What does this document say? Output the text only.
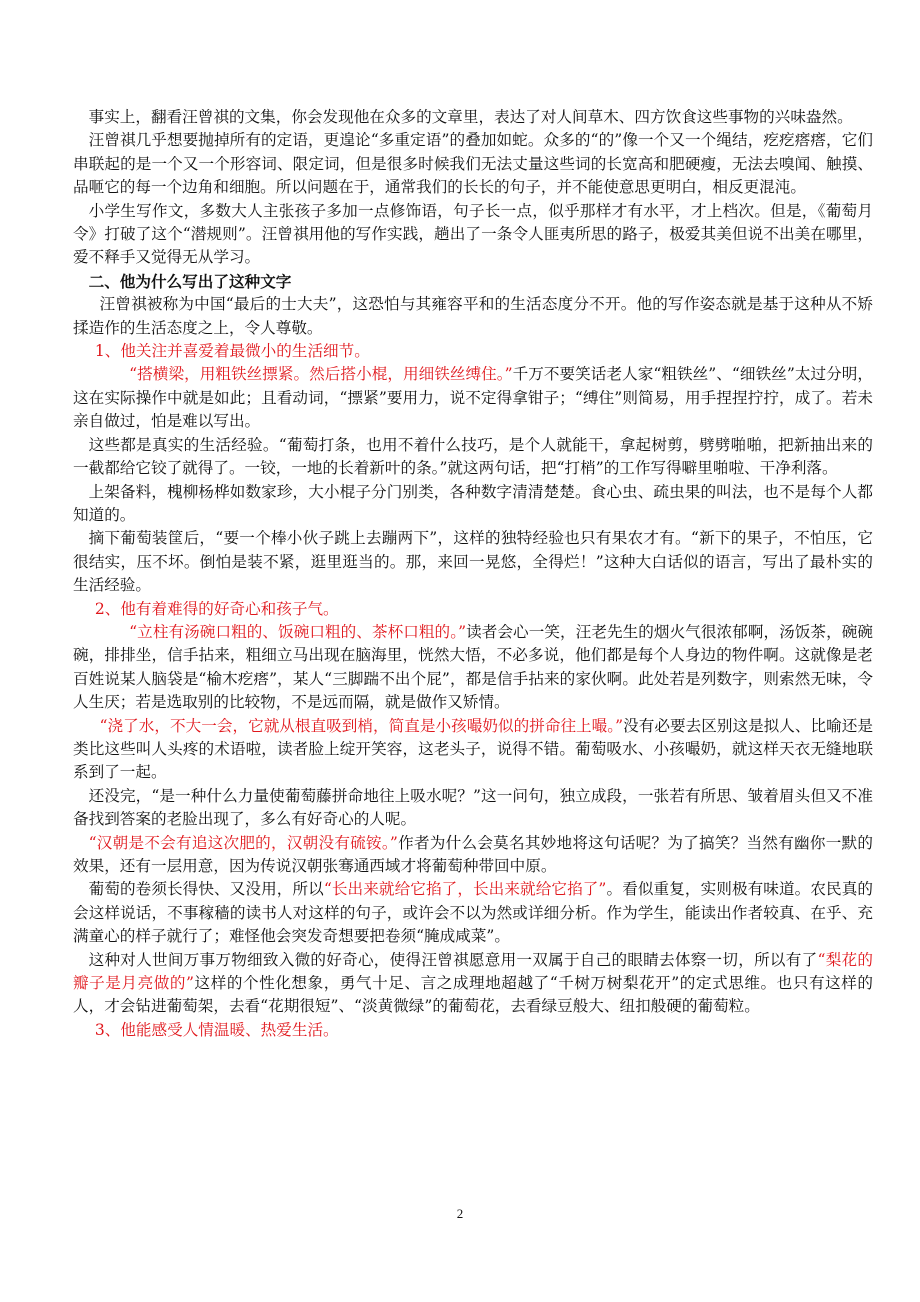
事实上，翻看汪曾祺的文集，你会发现他在众多的文章里，表达了对人间草木、四方饮食这些事物的兴味盎然。

汪曾祺几乎想要抛掉所有的定语，更遑论“多重定语”的叠加如蛇。众多的“的”像一个又一个绳结，疙疙瘩瘩，它们串联起的是一个又一个形容词、限定词，但是很多时候我们无法丈量这些词的长宽高和肥硬瘦，无法去嗅闻、触摸、品咂它的每一个边角和细胞。所以问题在于，通常我们的长长的句子，并不能使意思更明白，相反更混沌。

小学生写作文，多数大人主张孩子多加一点修饰语，句子长一点，似乎那样才有水平，才上档次。但是，《葡萄月令》打破了这个“潜规则”。汪曾祺用他的写作实践，趟出了一条令人匪夷所思的路子，极爱其美但说不出美在哪里，爱不释手又觉得无从学习。

二、他为什么写出了这种文字

汪曾祺被称为中国“最后的士大夫”，这恐怕与其雍容平和的生活态度分不开。他的写作姿态就是基于这种从不矫揉造作的生活态度之上，令人尊敬。

1、他关注并喜爱着最微小的生活细节。

“搭横梁，用粗铁丝摽紧。然后搭小棍，用细铁丝缚住。”千万不要笑话老人家“粗铁丝”、“细铁丝”太过分明，这在实际操作中就是如此；且看动词，“摽紧”要用力，说不定得拿钳子；“缚住”则简易，用手捏捏拧拧，成了。若未亲自做过，怕是难以写出。

这些都是真实的生活经验。“葡萄打条，也用不着什么技巧，是个人就能干，拿起树剪，劈劈啪啪，把新抽出来的一截都给它铰了就得了。一铰，一地的长着新叶的条。”就这两句话，把“打梢”的工作写得噼里啪啦、干净利落。

上架备料，槐柳杨桦如数家珍，大小棍子分门别类，各种数字清清楚楚。食心虫、疏虫果的叫法，也不是每个人都知道的。

摘下葡萄装筐后，“要一个棒小伙子跳上去蹦两下”，这样的独特经验也只有果农才有。“新下的果子，不怕压，它很结实，压不坏。倒怕是装不紧，逛里逛当的。那，来回一晃悠，全得烂！”这种大白话似的语言，写出了最朴实的生活经验。

2、他有着难得的好奇心和孩子气。

“立柱有汤碗口粗的、饭碗口粗的、茶杯口粗的。”读者会心一笑，汪老先生的烟火气很浓郁啊，汤饭茶，碗碗碗，排排坐，信手拈来，粗细立马出现在脑海里，恍然大悟，不必多说，他们都是每个人身边的物件啊。这就像是老百姓说某人脑袋是“榆木疙瘩”，某人“三脚踹不出个屁”，都是信手拈来的家伙啊。此处若是列数字，则索然无味，令人生厌；若是选取别的比较物，不是远而隔，就是做作又矫情。

“浇了水，不大一会，它就从根直吸到梢，简直是小孩嘬奶似的拼命往上嘬。”没有必要去区别这是拟人、比喻还是类比这些叫人头疼的术语啦，读者脸上绽开笑容，这老头子，说得不错。葡萄吸水、小孩嘬奶，就这样天衣无缝地联系到了一起。

还没完，“是一种什么力量使葡萄藤拼命地往上吸水呢？”这一问句，独立成段，一张若有所思、皱着眉头但又不准备找到答案的老脸出现了，多么有好奇心的人呢。

“汉朝是不会有追这次肥的，汉朝没有硫铵。”作者为什么会莫名其妙地将这句话呢？为了搞笑？当然有幽你一默的效果，还有一层用意，因为传说汉朝张骞通西域才将葡萄种带回中原。

葡萄的卷须长得快、又没用，所以“长出来就给它掐了，长出来就给它掐了”。看似重复，实则极有味道。农民真的会这样说话，不事稼穑的读书人对这样的句子，或许会不以为然或详细分析。作为学生，能读出作者较真、在乎、充满童心的样子就行了；难怪他会突发奇想要把卷须“腌成咸菜”。

这种对人世间万事万物细致入微的好奇心，使得汪曾祺愿意用一双属于自己的眼睛去体察一切，所以有了“梨花的瓣子是月亮做的”这样的个性化想象，勇气十足、言之成理地超越了“千树万树梨花开”的定式思维。也只有这样的人，才会钻进葡萄架，去看“花期很短”、“淡黄微绿”的葡萄花，去看绿豆般大、纽扣般硬的葡萄粒。

3、他能感受人情温暖、热爱生活。

2
